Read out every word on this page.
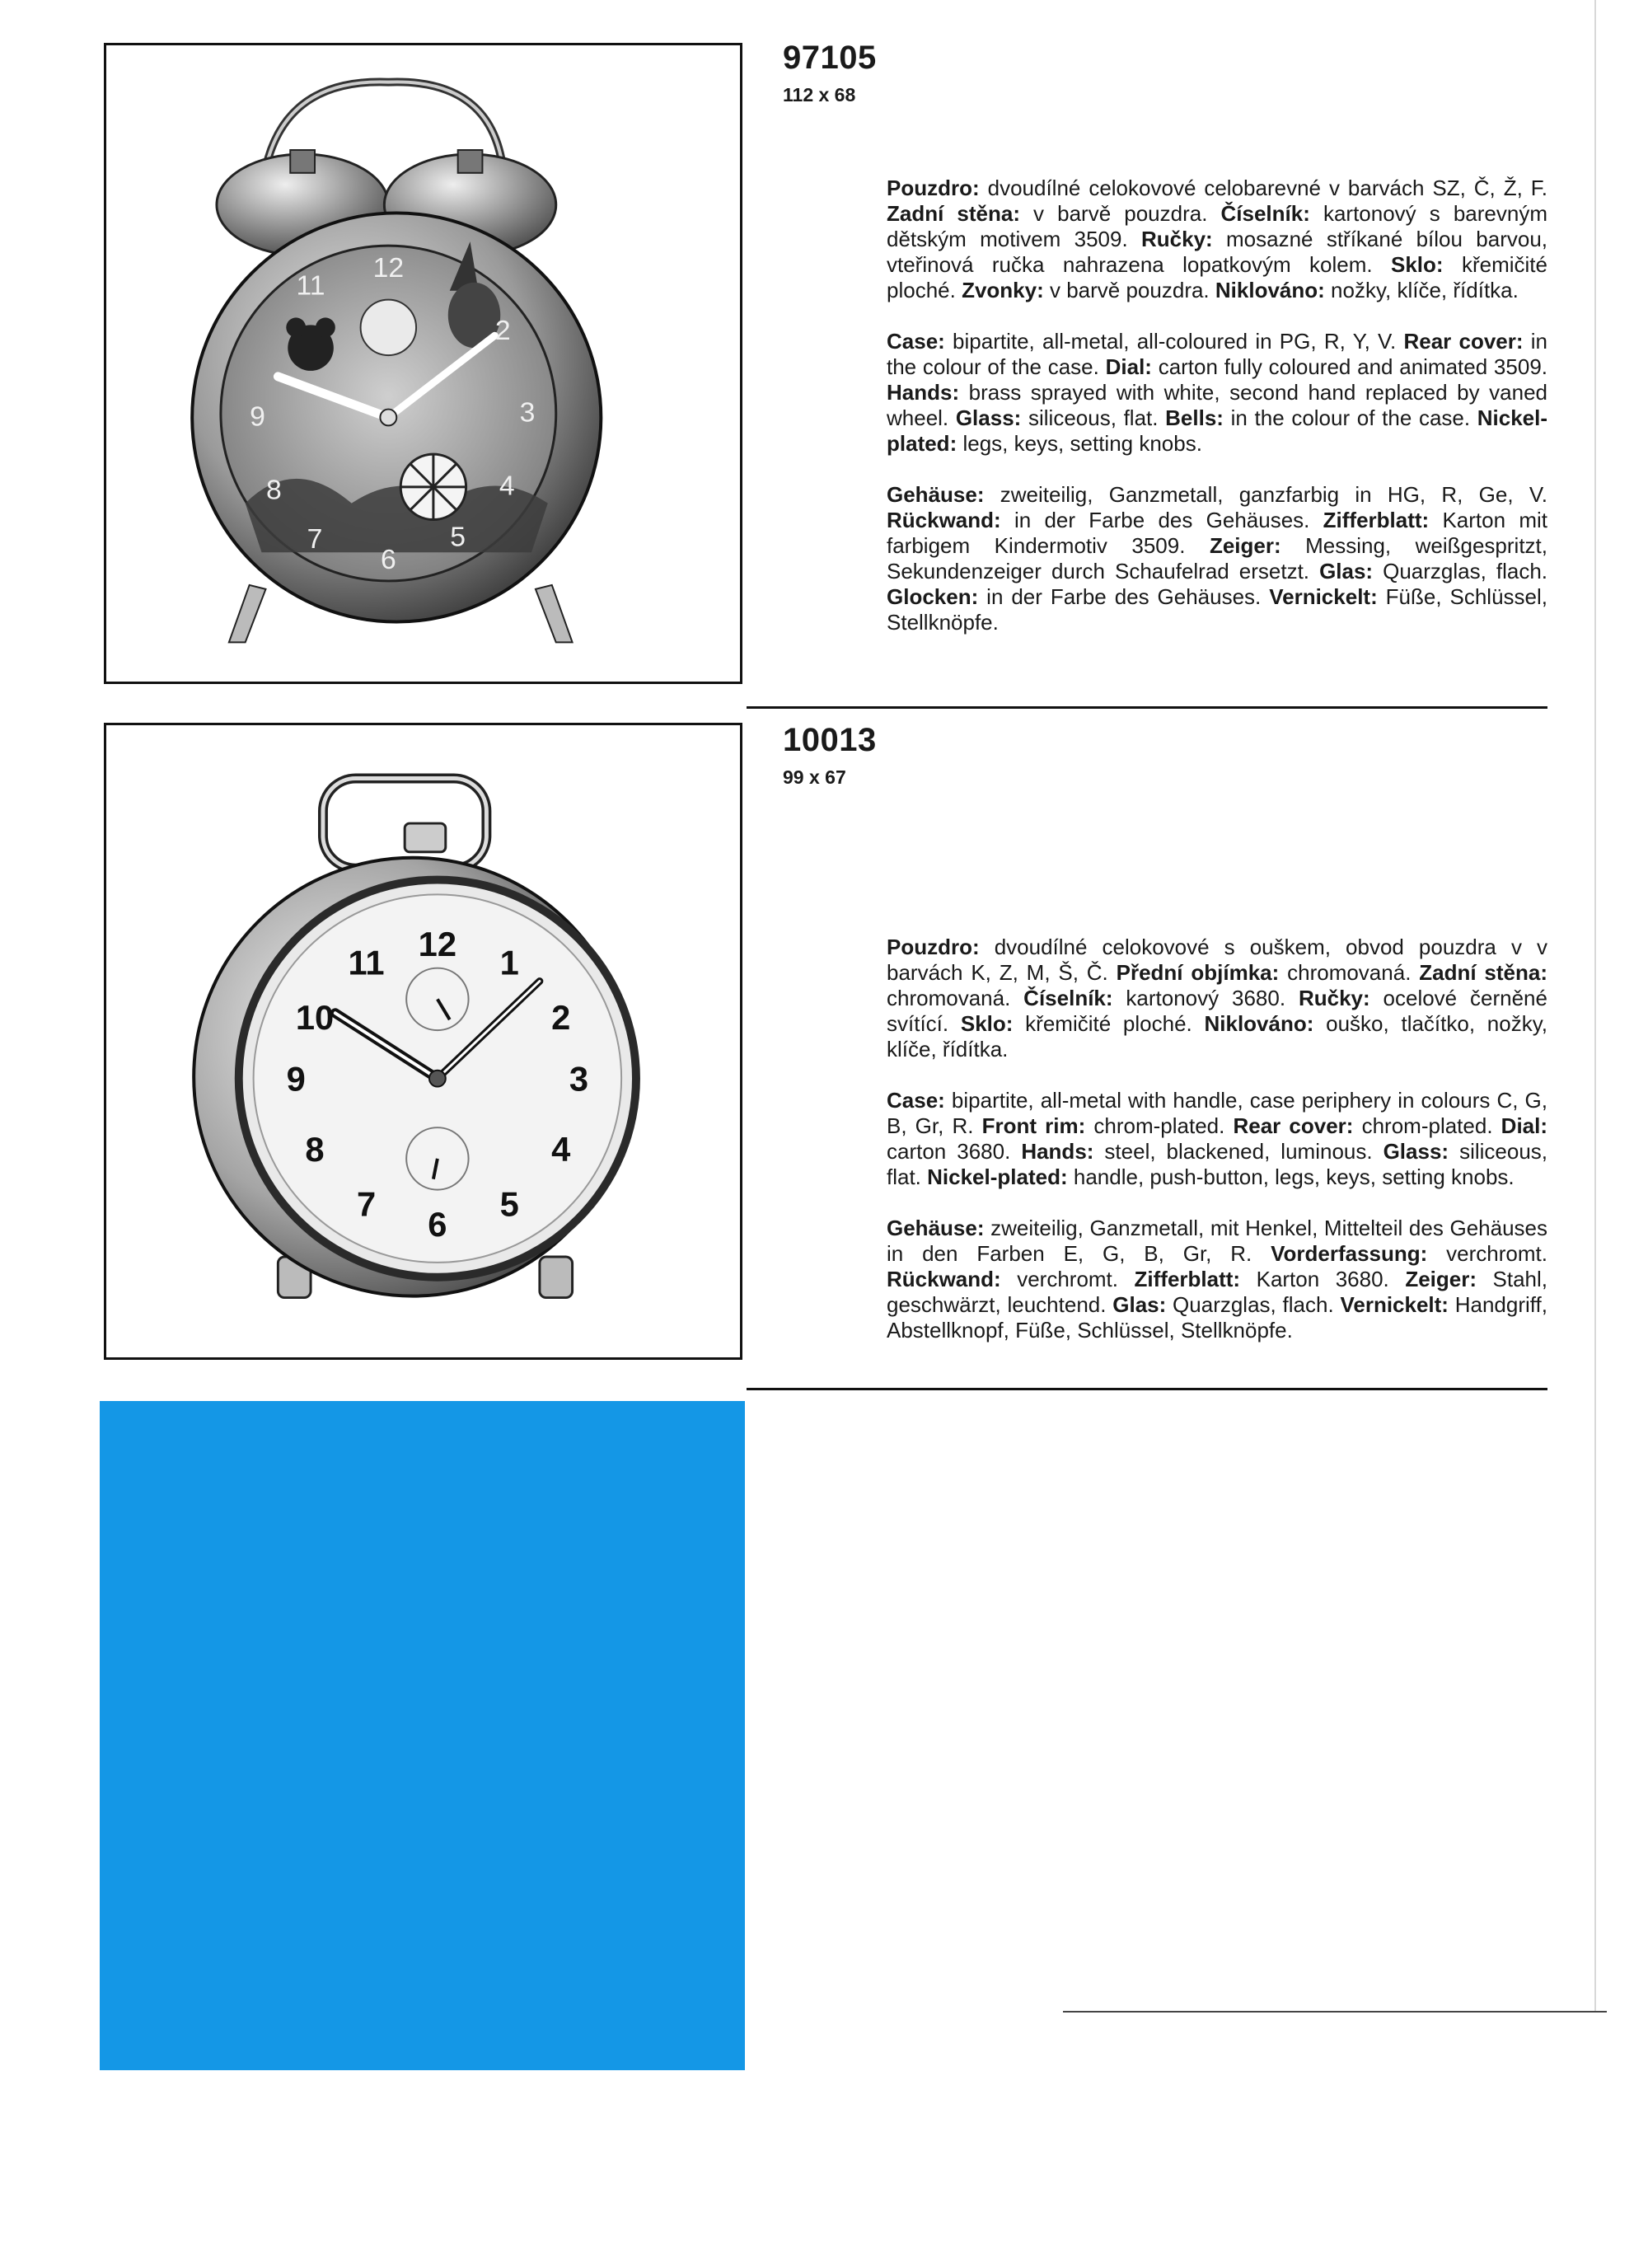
12
2
3
4
5
6
7
8
9
11
97105
112 x 68

Pouzdro: dvoudílné celokovové celobarevné v barvách SZ, Č, Ž, F. Zadní stěna: v barvě pouzdra. Číselník: kartonový s barevným dětským motivem 3509. Ručky: mosazné stříkané bílou barvou, vteřinová ručka nahrazena lopatkovým kolem. Sklo: křemičité ploché. Zvonky: v barvě pouzdra. Niklováno: nožky, klíče, řídítka.

Case: bipartite, all-metal, all-coloured in PG, R, Y, V. Rear cover: in the colour of the case. Dial: carton fully coloured and animated 3509. Hands: brass sprayed with white, second hand replaced by vaned wheel. Glass: siliceous, flat. Bells: in the colour of the case. Nickel-plated: legs, keys, setting knobs.

Gehäuse: zweiteilig, Ganzmetall, ganzfarbig in HG, R, Ge, V. Rückwand: in der Farbe des Gehäuses. Zifferblatt: Karton mit farbigem Kindermotiv 3509. Zeiger: Messing, weißgespritzt, Sekundenzeiger durch Schaufelrad ersetzt. Glas: Quarzglas, flach. Glocken: in der Farbe des Gehäuses. Vernickelt: Füße, Schlüssel, Stellknöpfe.

12 1
2
3
4
5
6
7
8
9
10
11
10013
99 x 67

Pouzdro: dvoudílné celokovové s ouškem, obvod pouzdra v v barvách K, Z, M, Š, Č. Přední objímka: chromovaná. Zadní stěna: chromovaná. Číselník: kartonový 3680. Ručky: ocelové černěné svítící. Sklo: křemičité ploché. Niklováno: ouško, tlačítko, nožky, klíče, řídítka.

Case: bipartite, all-metal with handle, case periphery in colours C, G, B, Gr, R. Front rim: chrom-plated. Rear cover: chrom-plated. Dial: carton 3680. Hands: steel, blackened, luminous. Glass: siliceous, flat. Nickel-plated: handle, push-button, legs, keys, setting knobs.

Gehäuse: zweiteilig, Ganzmetall, mit Henkel, Mittelteil des Gehäuses in den Farben E, G, B, Gr, R. Vorderfassung: verchromt. Rückwand: verchromt. Zifferblatt: Karton 3680. Zeiger: Stahl, geschwärzt, leuchtend. Glas: Quarzglas, flach. Vernickelt: Handgriff, Abstellknopf, Füße, Schlüssel, Stellknöpfe.
